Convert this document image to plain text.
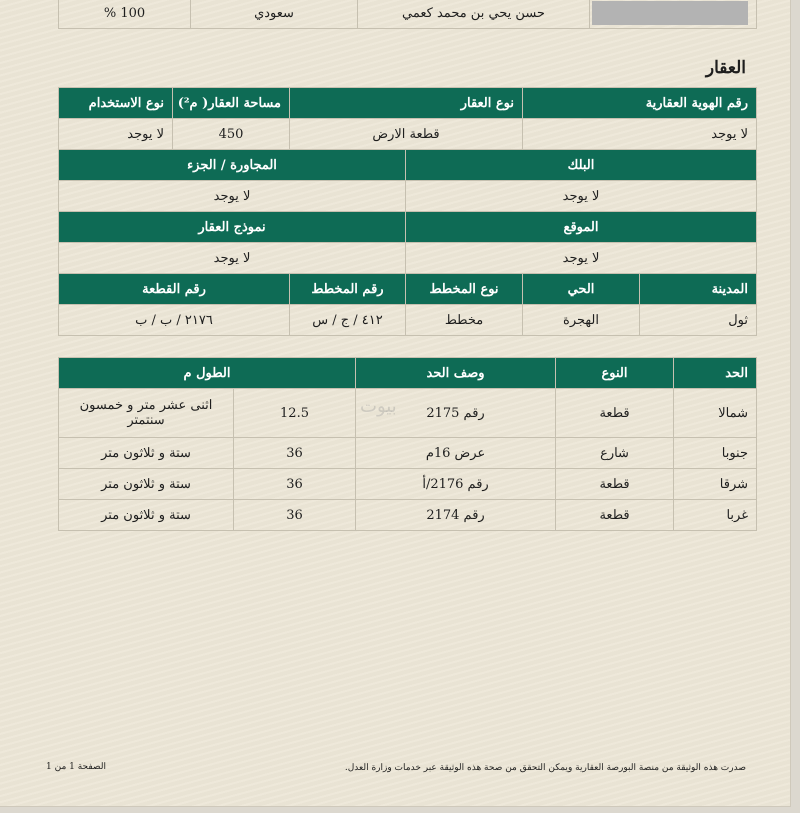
	حسن يحي بن محمد كعمي	سعودي	100 %
العقار
رقم الهوية العقارية		نوع العقار		مساحة العقار( م²)	نوع الاستخدام
لا يوجد		قطعة الارض		450	لا يوجد
البلك			المجاورة / الجزء		
لا يوجد			لا يوجد		
الموقع			نموذج العقار		
لا يوجد			لا يوجد		
المدينة	الحي	نوع المخطط	رقم المخطط	رقم القطعة	
ثول	الهجرة	مخطط	٤١٢ / ج / س	٢١٧٦ / ب / ب	
الحد	النوع	وصف الحد	الطول م	
شمالا	قطعة	رقم 2175	12.5	اثنى عشر متر و خمسون سنتمتر
جنوبا	شارع	عرض 16م	36	ستة و ثلاثون متر
شرقا	قطعة	رقم 2176/أ	36	ستة و ثلاثون متر
غربا	قطعة	رقم 2174	36	ستة و ثلاثون متر
بيوت
صدرت هذه الوثيقة من منصة البورصة العقارية ويمكن التحقق من صحة هذه الوثيقة عبر خدمات وزارة العدل.
الصفحة 1 من 1
